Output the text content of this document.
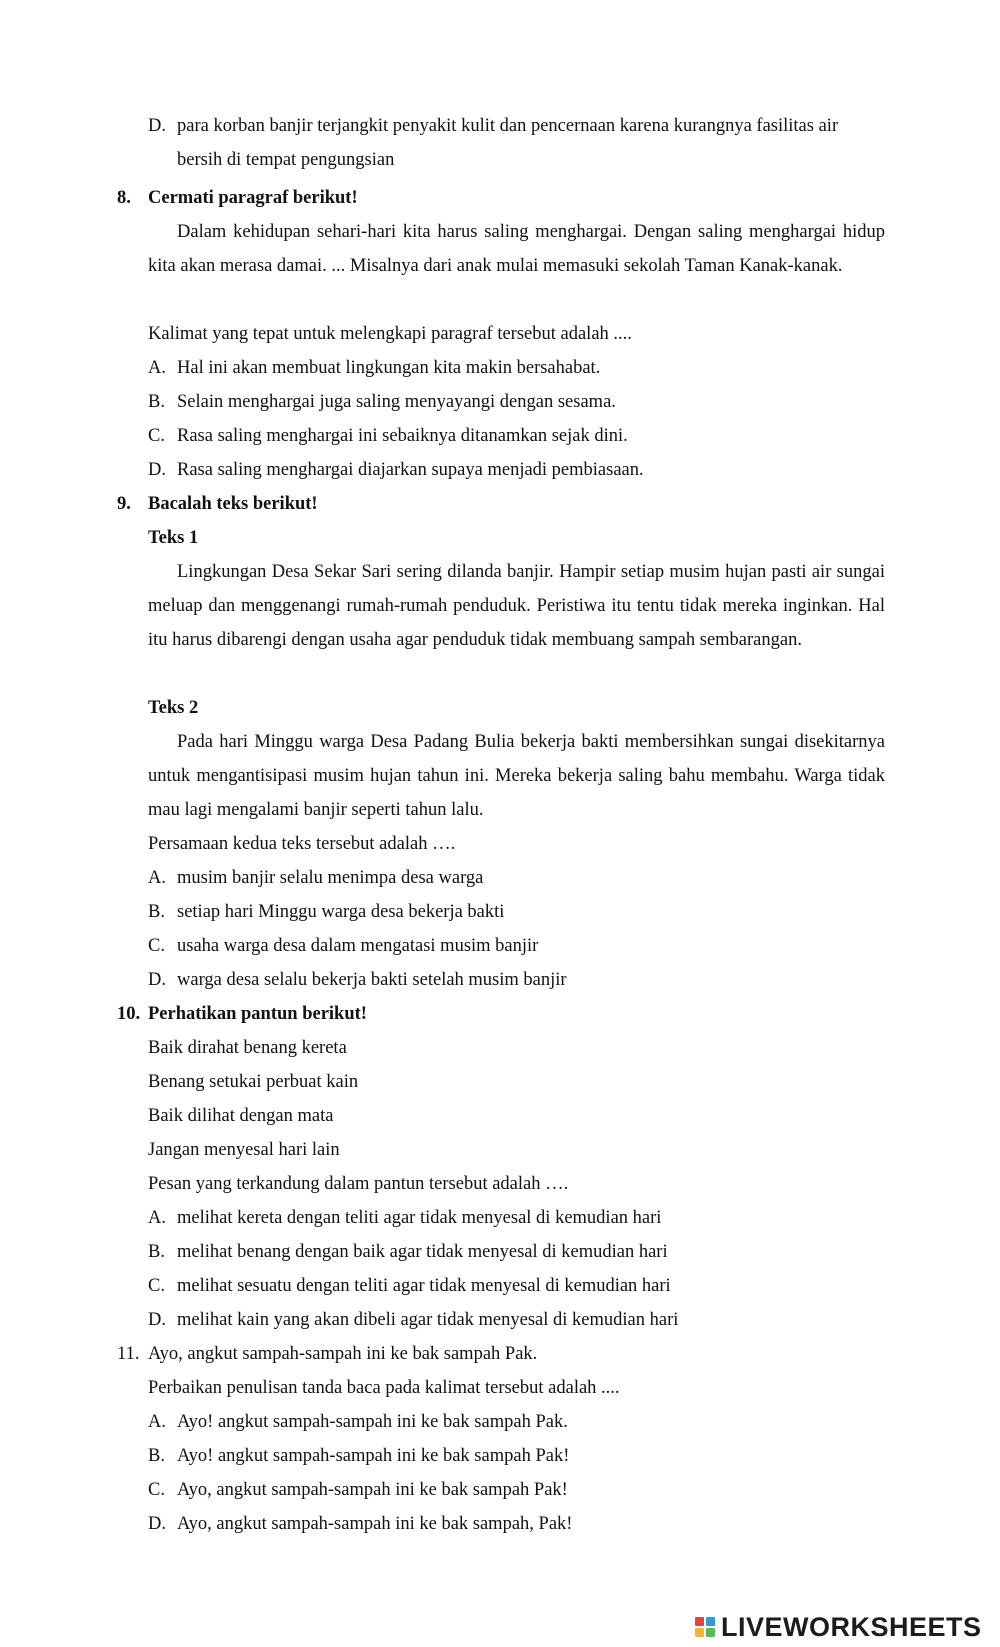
D. para korban banjir terjangkit penyakit kulit dan pencernaan karena kurangnya fasilitas air bersih di tempat pengungsian
8. Cermati paragraf berikut!
Dalam kehidupan sehari-hari kita harus saling menghargai. Dengan saling menghargai hidup kita akan merasa damai. ... Misalnya dari anak mulai memasuki sekolah Taman Kanak-kanak.
Kalimat yang tepat untuk melengkapi paragraf tersebut adalah ....
A. Hal ini akan membuat lingkungan kita makin bersahabat.
B. Selain menghargai juga saling menyayangi dengan sesama.
C. Rasa saling menghargai ini sebaiknya ditanamkan sejak dini.
D. Rasa saling menghargai diajarkan supaya menjadi pembiasaan.
9. Bacalah teks berikut!
Teks 1
Lingkungan Desa Sekar Sari sering dilanda banjir. Hampir setiap musim hujan pasti air sungai meluap dan menggenangi rumah-rumah penduduk. Peristiwa itu tentu tidak mereka inginkan. Hal itu harus dibarengi dengan usaha agar penduduk tidak membuang sampah sembarangan.
Teks 2
Pada hari Minggu warga Desa Padang Bulia bekerja bakti membersihkan sungai disekitarnya untuk mengantisipasi musim hujan tahun ini. Mereka bekerja saling bahu membahu. Warga tidak mau lagi mengalami banjir seperti tahun lalu.
Persamaan kedua teks tersebut adalah ….
A. musim banjir selalu menimpa desa warga
B. setiap hari Minggu warga desa bekerja bakti
C. usaha warga desa dalam mengatasi musim banjir
D. warga desa selalu bekerja bakti setelah musim banjir
10. Perhatikan pantun berikut!
Baik dirahat benang kereta
Benang setukai perbuat kain
Baik dilihat dengan mata
Jangan menyesal hari lain
Pesan yang terkandung dalam pantun tersebut adalah ….
A. melihat kereta dengan teliti agar tidak menyesal di kemudian hari
B. melihat benang dengan baik agar tidak menyesal di kemudian hari
C. melihat sesuatu dengan teliti agar tidak menyesal di kemudian hari
D. melihat kain yang akan dibeli agar tidak menyesal di kemudian hari
11. Ayo, angkut sampah-sampah ini ke bak sampah Pak.
Perbaikan penulisan tanda baca pada kalimat tersebut adalah ....
A. Ayo! angkut sampah-sampah ini ke bak sampah Pak.
B. Ayo! angkut sampah-sampah ini ke bak sampah Pak!
C. Ayo, angkut sampah-sampah ini ke bak sampah Pak!
D. Ayo, angkut sampah-sampah ini ke bak sampah, Pak!
LIVEWORKSHEETS
